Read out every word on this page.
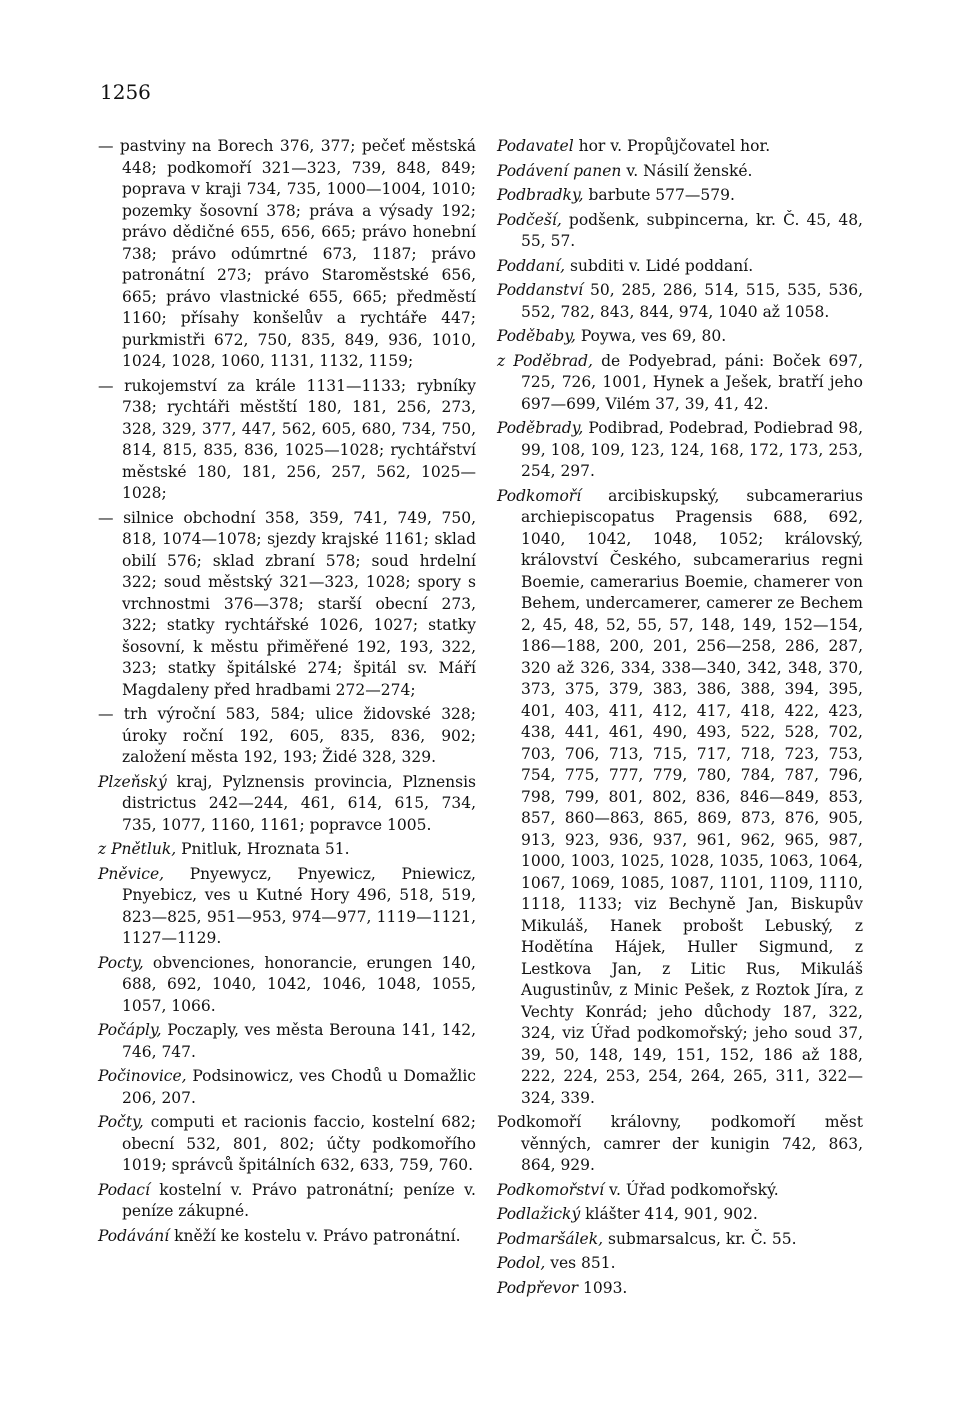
1256

— pastviny na Borech 376, 377; pečeť městská 448; podkomoří 321—323, 739, 848, 849; poprava v kraji 734, 735, 1000—1004, 1010; pozemky šosovní 378; práva a výsady 192; právo dědičné 655, 656, 665; právo honební 738; právo odúmrtné 673, 1187; právo patronátní 273; právo Staroměstské 656, 665; právo vlastnické 655, 665; předměstí 1160; přísahy konšelův a rychtáře 447; purkmistři 672, 750, 835, 849, 936, 1010, 1024, 1028, 1060, 1131, 1132, 1159;

— rukojemství za krále 1131—1133; rybníky 738; rychtáři městští 180, 181, 256, 273, 328, 329, 377, 447, 562, 605, 680, 734, 750, 814, 815, 835, 836, 1025—1028; rychtářství městské 180, 181, 256, 257, 562, 1025—1028;

— silnice obchodní 358, 359, 741, 749, 750, 818, 1074—1078; sjezdy krajské 1161; sklad obilí 576; sklad zbraní 578; soud hrdelní 322; soud městský 321—323, 1028; spory s vrchnostmi 376—378; starší obecní 273, 322; statky rychtářské 1026, 1027; statky šosovní, k městu přiměřené 192, 193, 322, 323; statky špitálské 274; špitál sv. Máří Magdaleny před hradbami 272—274;

— trh výroční 583, 584; ulice židovské 328; úroky roční 192, 605, 835, 836, 902; založení města 192, 193; Židé 328, 329.

Plzeňský kraj, Pylznensis provincia, Plznensis districtus 242—244, 461, 614, 615, 734, 735, 1077, 1160, 1161; popravce 1005.

z Pnětluk, Pnitluk, Hroznata 51.

Pněvice, Pnyewycz, Pnyewicz, Pniewicz, Pnyebicz, ves u Kutné Hory 496, 518, 519, 823—825, 951—953, 974—977, 1119—1121, 1127—1129.

Pocty, obvenciones, honorancie, erungen 140, 688, 692, 1040, 1042, 1046, 1048, 1055, 1057, 1066.

Počáply, Poczaply, ves města Berouna 141, 142, 746, 747.

Počinovice, Podsinowicz, ves Chodů u Domažlic 206, 207.

Počty, computi et racionis faccio, kostelní 682; obecní 532, 801, 802; účty podkomořího 1019; správců špitálních 632, 633, 759, 760.

Podací kostelní v. Právo patronátní; peníze v. peníze zákupné.

Podávání kněží ke kostelu v. Právo patronátní.

Podavatel hor v. Propůjčovatel hor.

Podávení panen v. Násilí ženské.

Podbradky, barbute 577—579.

Podčeší, podšenk, subpincerna, kr. Č. 45, 48, 55, 57.

Poddaní, subditi v. Lidé poddaní.

Poddanství 50, 285, 286, 514, 515, 535, 536, 552, 782, 843, 844, 974, 1040 až 1058.

Poděbaby, Poywa, ves 69, 80.

z Poděbrad, de Podyebrad, páni: Boček 697, 725, 726, 1001, Hynek a Ješek, bratří jeho 697—699, Vilém 37, 39, 41, 42.

Poděbrady, Podibrad, Podebrad, Podiebrad 98, 99, 108, 109, 123, 124, 168, 172, 173, 253, 254, 297.

Podkomoří arcibiskupský, subcamerarius archiepiscopatus Pragensis 688, 692, 1040, 1042, 1048, 1052; královský, království Českého, subcamerarius regni Boemie, camerarius Boemie, chamerer von Behem, undercamerer, camerer ze Bechem 2, 45, 48, 52, 55, 57, 148, 149, 152—154, 186—188, 200, 201, 256—258, 286, 287, 320 až 326, 334, 338—340, 342, 348, 370, 373, 375, 379, 383, 386, 388, 394, 395, 401, 403, 411, 412, 417, 418, 422, 423, 438, 441, 461, 490, 493, 522, 528, 702, 703, 706, 713, 715, 717, 718, 723, 753, 754, 775, 777, 779, 780, 784, 787, 796, 798, 799, 801, 802, 836, 846—849, 853, 857, 860—863, 865, 869, 873, 876, 905, 913, 923, 936, 937, 961, 962, 965, 987, 1000, 1003, 1025, 1028, 1035, 1063, 1064, 1067, 1069, 1085, 1087, 1101, 1109, 1110, 1118, 1133; viz Bechyně Jan, Biskupův Mikuláš, Hanek probošt Lebuský, z Hodětína Hájek, Huller Sigmund, z Lestkova Jan, z Litic Rus, Mikuláš Augustinův, z Minic Pešek, z Roztok Jíra, z Vechty Konrád; jeho důchody 187, 322, 324, viz Úřad podkomořský; jeho soud 37, 39, 50, 148, 149, 151, 152, 186 až 188, 222, 224, 253, 254, 264, 265, 311, 322—324, 339.

Podkomoří královny, podkomoří měst věnných, camrer der kunigin 742, 863, 864, 929.

Podkomořství v. Úřad podkomořský.

Podlažický klášter 414, 901, 902.

Podmaršálek, submarsalcus, kr. Č. 55.

Podol, ves 851.

Podpřevor 1093.
